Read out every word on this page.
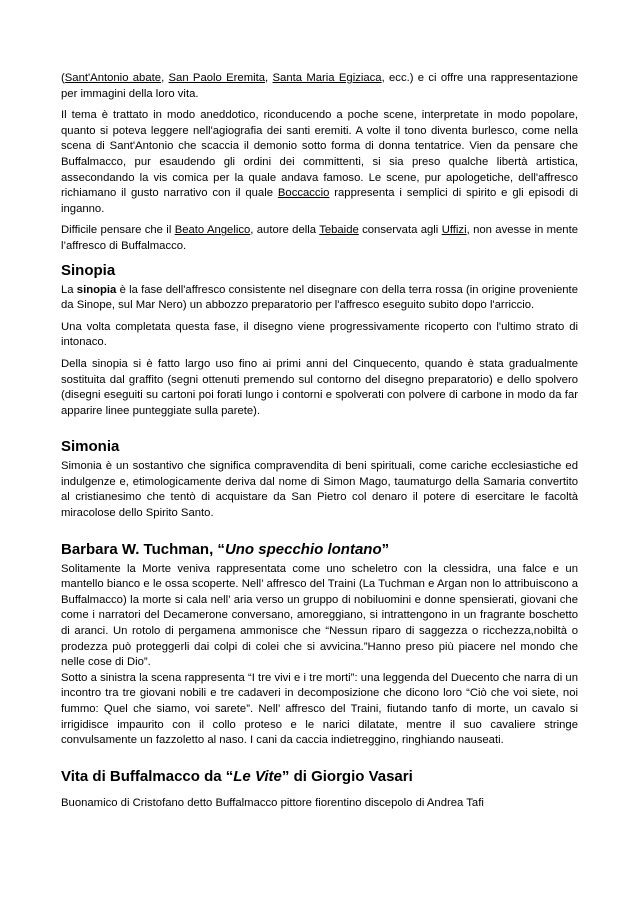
(Sant'Antonio abate, San Paolo Eremita, Santa Maria Egiziaca, ecc.) e ci offre una rappresentazione per immagini della loro vita.

Il tema è trattato in modo aneddotico, riconducendo a poche scene, interpretate in modo popolare, quanto si poteva leggere nell'agiografia dei santi eremiti. A volte il tono diventa burlesco, come nella scena di Sant'Antonio che scaccia il demonio sotto forma di donna tentatrice. Vien da pensare che Buffalmacco, pur esaudendo gli ordini dei committenti, si sia preso qualche libertà artistica, assecondando la vis comica per la quale andava famoso. Le scene, pur apologetiche, dell'affresco richiamano il gusto narrativo con il quale Boccaccio rappresenta i semplici di spirito e gli episodi di inganno.

Difficile pensare che il Beato Angelico, autore della Tebaide conservata agli Uffizi, non avesse in mente l’affresco di Buffalmacco.

Sinopia

La sinopia è la fase dell'affresco consistente nel disegnare con della terra rossa (in origine proveniente da Sinope, sul Mar Nero) un abbozzo preparatorio per l'affresco eseguito subito dopo l'arriccio.

Una volta completata questa fase, il disegno viene progressivamente ricoperto con l'ultimo strato di intonaco.

Della sinopia si è fatto largo uso fino ai primi anni del Cinquecento, quando è stata gradualmente sostituita dal graffito (segni ottenuti premendo sul contorno del disegno preparatorio) e dello spolvero (disegni eseguiti su cartoni poi forati lungo i contorni e spolverati con polvere di carbone in modo da far apparire linee punteggiate sulla parete).

Simonia

Simonia è un sostantivo che significa compravendita di beni spirituali, come cariche ecclesiastiche ed indulgenze e, etimologicamente deriva dal nome di Simon Mago, taumaturgo della Samaria convertito al cristianesimo che tentò di acquistare da San Pietro col denaro il potere di esercitare le facoltà miracolose dello Spirito Santo.

Barbara W. Tuchman, “Uno specchio lontano”

Solitamente la Morte veniva rappresentata come uno scheletro con la clessidra, una falce e un mantello bianco e le ossa scoperte. Nell’ affresco del Traini (La Tuchman e Argan non lo attribuiscono a Buffalmacco) la morte si cala nell’ aria verso un gruppo di nobiluomini e donne spensierati, giovani che come i narratori del Decamerone conversano, amoreggiano, si intrattengono in un fragrante boschetto di aranci. Un rotolo di pergamena ammonisce che “Nessun riparo di saggezza o ricchezza,nobiltà o prodezza può proteggerli dai colpi di colei che si avvicina.”Hanno preso più piacere nel mondo che nelle cose di Dio”.

Sotto a sinistra la scena rappresenta “I tre vivi e i tre morti”: una leggenda del Duecento che narra di un incontro tra tre giovani nobili e tre cadaveri in decomposizione che dicono loro “Ciò che voi siete, noi fummo: Quel che siamo, voi sarete”. Nell’ affresco del Traini, fiutando tanfo di morte, un cavalo si irrigidisce impaurito con il collo proteso e le narici dilatate, mentre il suo cavaliere stringe convulsamente un fazzoletto al naso. I cani da caccia indietreggino, ringhiando nauseati.

Vita di Buffalmacco da “Le Vite” di Giorgio Vasari

Buonamico di Cristofano detto Buffalmacco pittore fiorentino discepolo di Andrea Tafi
